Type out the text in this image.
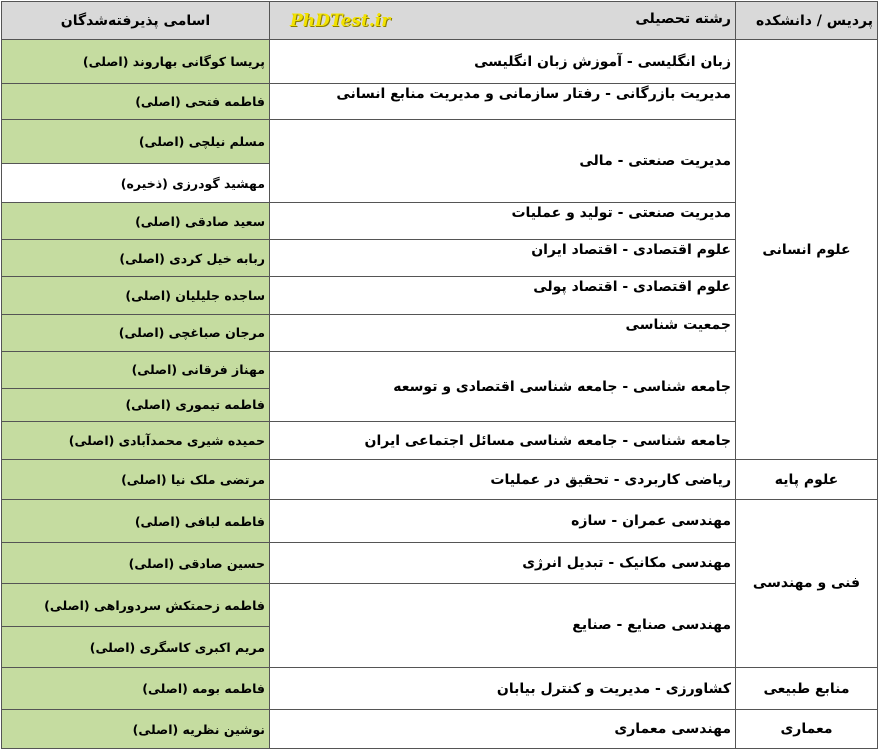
اسامی پذیرفته‌شدگان	PhDTest.ir رشته تحصیلی	پردیس / دانشکده
پریسا کوگانی بهاروند (اصلی)	زبان انگلیسی - آموزش زبان انگلیسی	علوم انسانی
فاطمه فتحی (اصلی)	مدیریت بازرگانی - رفتار سازمانی و مدیریت منابع انسانی	
مسلم نیلچی (اصلی)	مدیریت صنعتی - مالی	
مهشید گودرزی (ذخیره)		
سعید صادقی (اصلی)	مدیریت صنعتی - تولید و عملیات	
ربابه خیل کردی (اصلی)	علوم اقتصادی - اقتصاد ایران	
ساجده جلیلیان (اصلی)	علوم اقتصادی - اقتصاد پولی	
مرجان صباغچی (اصلی)	جمعیت شناسی	
مهناز فرقانی (اصلی)	جامعه شناسی - جامعه شناسی اقتصادی و توسعه	
فاطمه تیموری (اصلی)		
حمیده شیری محمدآبادی (اصلی)	جامعه شناسی - جامعه شناسی مسائل اجتماعی ایران	
مرتضی ملک نیا (اصلی)	ریاضی کاربردی - تحقیق در عملیات	علوم پایه
فاطمه لبافی (اصلی)	مهندسی عمران - سازه	فنی و مهندسی
حسین صادقی (اصلی)	مهندسی مکانیک - تبدیل انرژی	
فاطمه زحمتکش سردوراهی (اصلی)	مهندسی صنایع - صنایع	
مریم اکبری کاسگری (اصلی)		
فاطمه بومه (اصلی)	کشاورزی - مدیریت و کنترل بیابان	منابع طبیعی
نوشین نظریه (اصلی)	مهندسی معماری	معماری
